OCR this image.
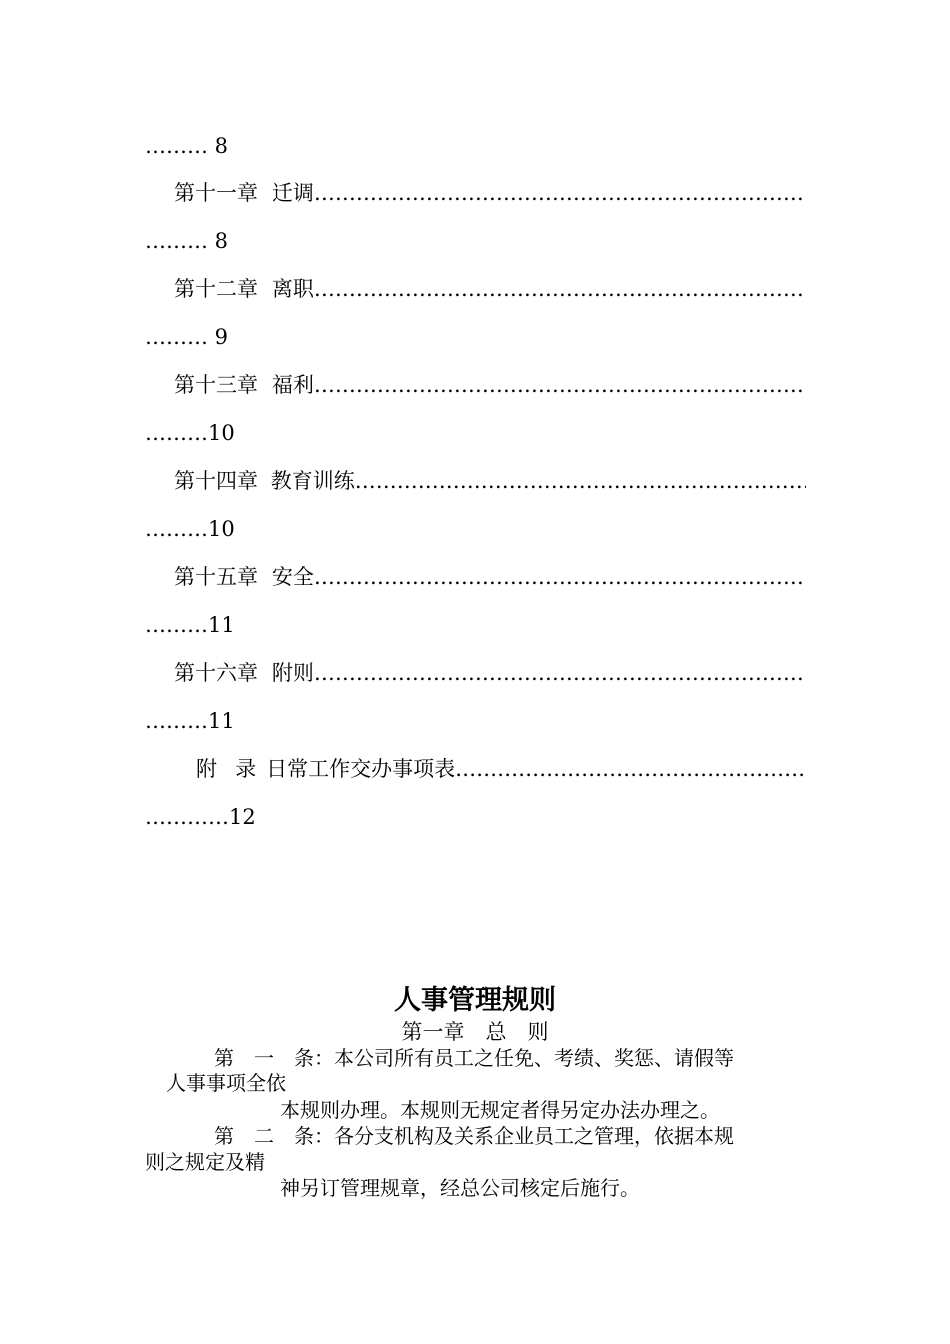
……… 8
第十一章 迁调
……………………………………………………………………………………………………………………
……… 8
第十二章 离职
……………………………………………………………………………………………………………………
……… 9
第十三章 福利
……………………………………………………………………………………………………………………
………10
第十四章 教育训练
……………………………………………………………………………………………………………………
………10
第十五章 安全
……………………………………………………………………………………………………………………
………11
第十六章 附则
……………………………………………………………………………………………………………………
………11
附 录 日常工作交办事项表
……………………………………………………………………………………………………………………
…………12
人事管理规则
第一章　总　则
第　一　条：本公司所有员工之任免、考绩、奖惩、请假等
人事事项全依
本规则办理。本规则无规定者得另定办法办理之。
第　二　条：各分支机构及关系企业员工之管理，依据本规
则之规定及精
神另订管理规章，经总公司核定后施行。
